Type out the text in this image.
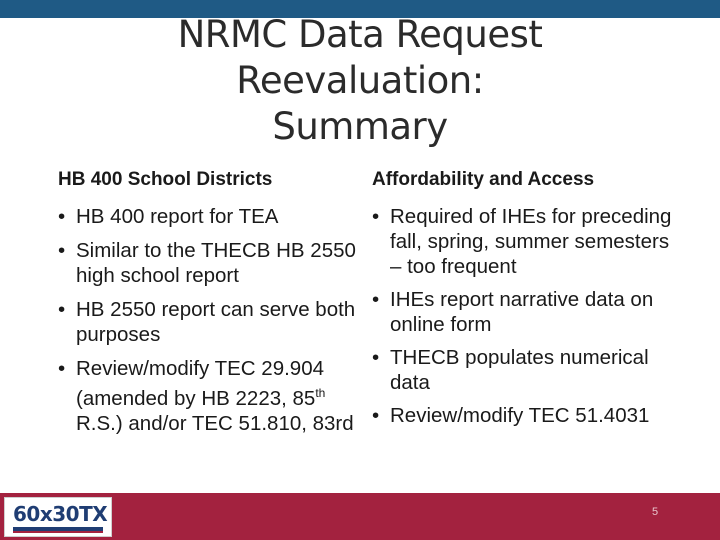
NRMC Data Request
Reevaluation:
Summary
HB 400 School Districts
• HB 400 report for TEA
• Similar to the THECB HB 2550 high school report
• HB 2550 report can serve both purposes
• Review/modify TEC 29.904 (amended by HB 2223, 85th R.S.) and/or TEC 51.810, 83rd
Affordability and Access
• Required of IHEs for preceding fall, spring, summer semesters – too frequent
• IHEs report narrative data on online form
• THECB populates numerical data
• Review/modify TEC 51.4031
60x30TX	5
